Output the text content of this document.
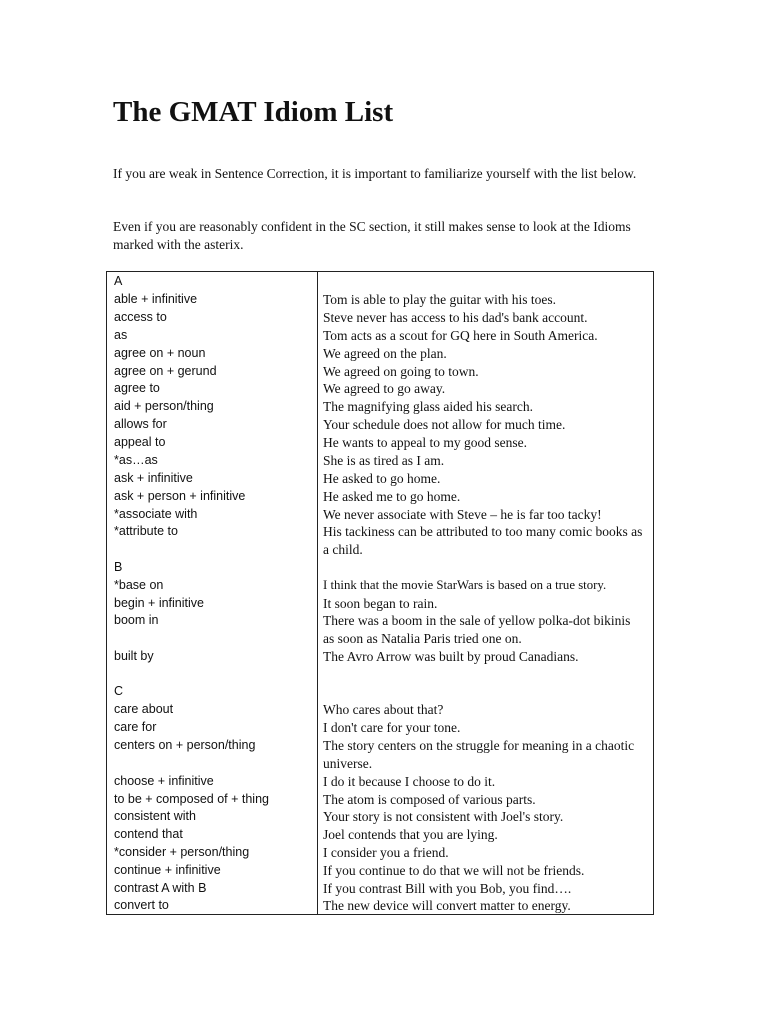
The GMAT Idiom List

If you are weak in Sentence Correction, it is important to familiarize yourself with the list below.

Even if you are reasonably confident in the SC section, it still makes sense to look at the Idioms marked with the asterix.

A
able + infinitive	Tom is able to play the guitar with his toes.
access to	Steve never has access to his dad's bank account.
as	Tom acts as a scout for GQ here in South America.
agree on + noun	We agreed on the plan.
agree on + gerund	We agreed on going to town.
agree to	We agreed to go away.
aid + person/thing	The magnifying glass aided his search.
allows for	Your schedule does not allow for much time.
appeal to	He wants to appeal to my good sense.
*as…as	She is as tired as I am.
ask + infinitive	He asked to go home.
ask + person + infinitive	He asked me to go home.
*associate with	We never associate with Steve – he is far too tacky!
*attribute to	His tackiness can be attributed to too many comic books as a child.
B
*base on	I think that the movie StarWars is based on a true story.
begin + infinitive	It soon began to rain.
boom in	There was a boom in the sale of yellow polka-dot bikinis as soon as Natalia Paris tried one on.
built by	The Avro Arrow was built by proud Canadians.
C
care about	Who cares about that?
care for	I don't care for your tone.
centers on + person/thing	The story centers on the struggle for meaning in a chaotic universe.
choose + infinitive	I do it because I choose to do it.
to be + composed of + thing	The atom is composed of various parts.
consistent with	Your story is not consistent with Joel's story.
contend that	Joel contends that you are lying.
*consider + person/thing	I consider you a friend.
continue + infinitive	If you continue to do that we will not be friends.
contrast A with B	If you contrast Bill with you Bob, you find….
convert to	The new device will convert matter to energy.
